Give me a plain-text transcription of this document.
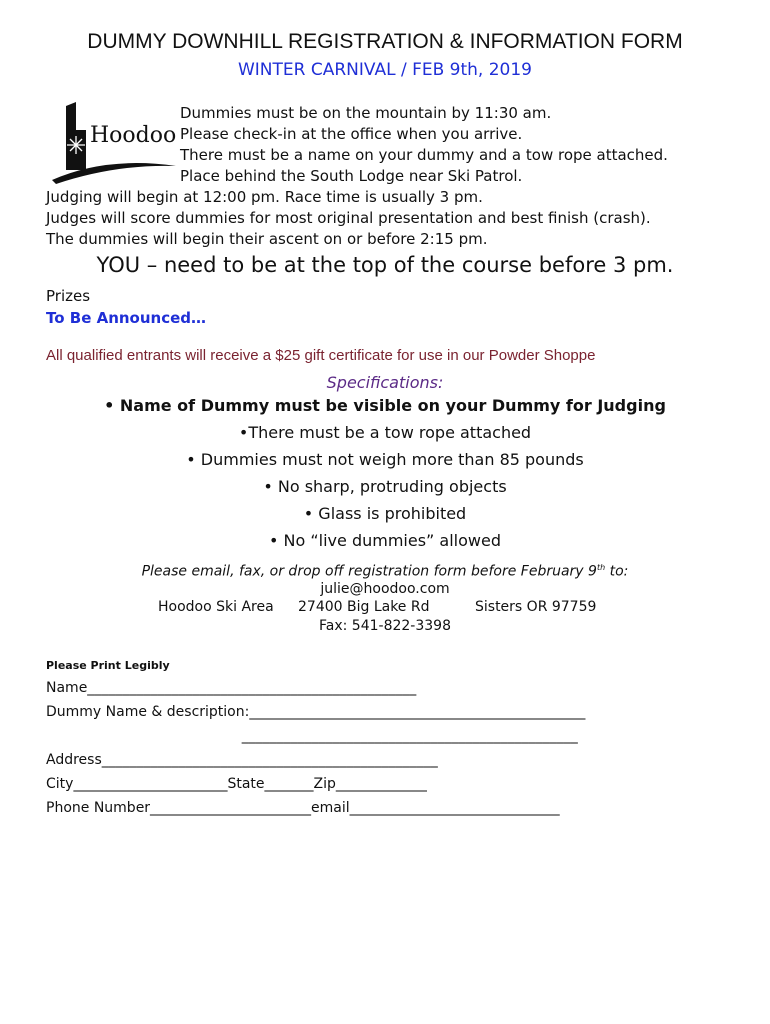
DUMMY DOWNHILL REGISTRATION & INFORMATION FORM
WINTER CARNIVAL / FEB 9th, 2019
Hoodoo
Dummies must be on the mountain by 11:30 am.
Please check-in at the office when you arrive.
There must be a name on your dummy and a tow rope attached.
Place behind the South Lodge near Ski Patrol.
Judging will begin at 12:00 pm. Race time is usually 3 pm.
Judges will score dummies for most original presentation and best finish (crash).
The dummies will begin their ascent on or before 2:15 pm.
YOU – need to be at the top of the course before 3 pm.
Prizes
To Be Announced…
All qualified entrants will receive a $25 gift certificate for use in our Powder Shoppe
Specifications:
• Name of Dummy must be visible on your Dummy for Judging
•There must be a tow rope attached
• Dummies must not weigh more than 85 pounds
• No sharp, protruding objects
• Glass is prohibited
• No “live dummies” allowed
Please email, fax, or drop off registration form before February 9th to:
julie@hoodoo.com
Hoodoo Ski Area 27400 Big Lake Rd	Sisters OR 97759
Fax: 541-822-3398
Please Print Legibly
Name_______________________________________________
Dummy Name & description:________________________________________________
________________________________________________
Address________________________________________________
City______________________State_______Zip_____________
Phone Number_______________________email______________________________
